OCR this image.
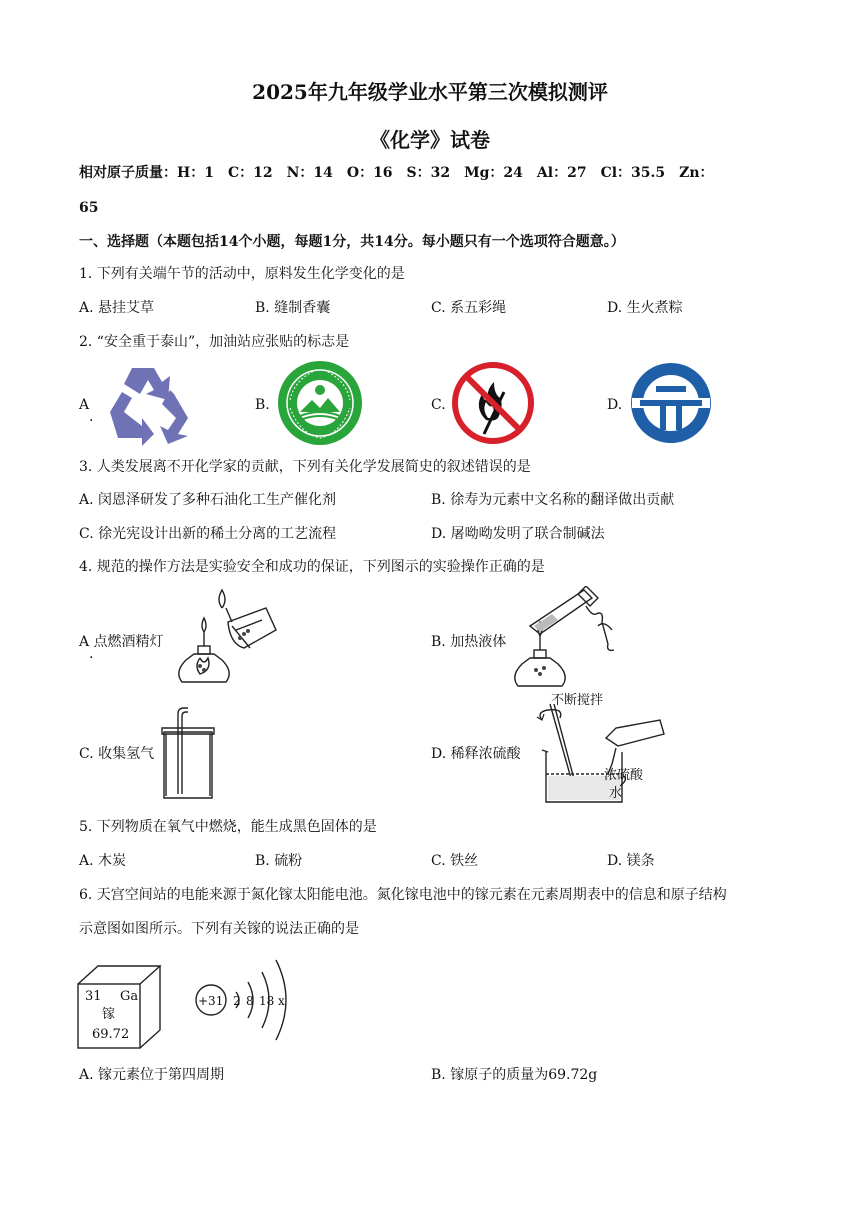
2025年九年级学业水平第三次模拟测评
《化学》试卷
相对原子质量：H：1　C：12　N：14　O：16　S：32　Mg：24　Al：27　Cl：35.5　Zn：
65
一、选择题（本题包括14个小题，每题1分，共14分。每小题只有一个选项符合题意。）
1. 下列有关端午节的活动中，原料发生化学变化的是
A. 悬挂艾草	B. 缝制香囊	C. 系五彩绳	D. 生火煮粽
2. “安全重于泰山”，加油站应张贴的标志是
A
.
B.	C.	D.
3. 人类发展离不开化学家的贡献，下列有关化学发展简史的叙述错误的是
A. 闵恩泽研发了多种石油化工生产催化剂	B. 徐寿为元素中文名称的翻译做出贡献
C. 徐光宪设计出新的稀土分离的工艺流程	D. 屠呦呦发明了联合制碱法
4. 规范的操作方法是实验安全和成功的保证，下列图示的实验操作正确的是
A 点燃酒精灯
.
B. 加热液体
C. 收集氢气	D. 稀释浓硫酸
不断搅拌
浓硫酸
水
5. 下列物质在氧气中燃烧，能生成黑色固体的是
A. 木炭	B. 硫粉	C. 铁丝	D. 镁条
6. 天宫空间站的电能来源于氮化镓太阳能电池。氮化镓电池中的镓元素在元素周期表中的信息和原子结构
示意图如图所示。下列有关镓的说法正确的是
31 Ga
镓
69.72
+31 2 8 18 x
A. 镓元素位于第四周期	B. 镓原子的质量为69.72g
